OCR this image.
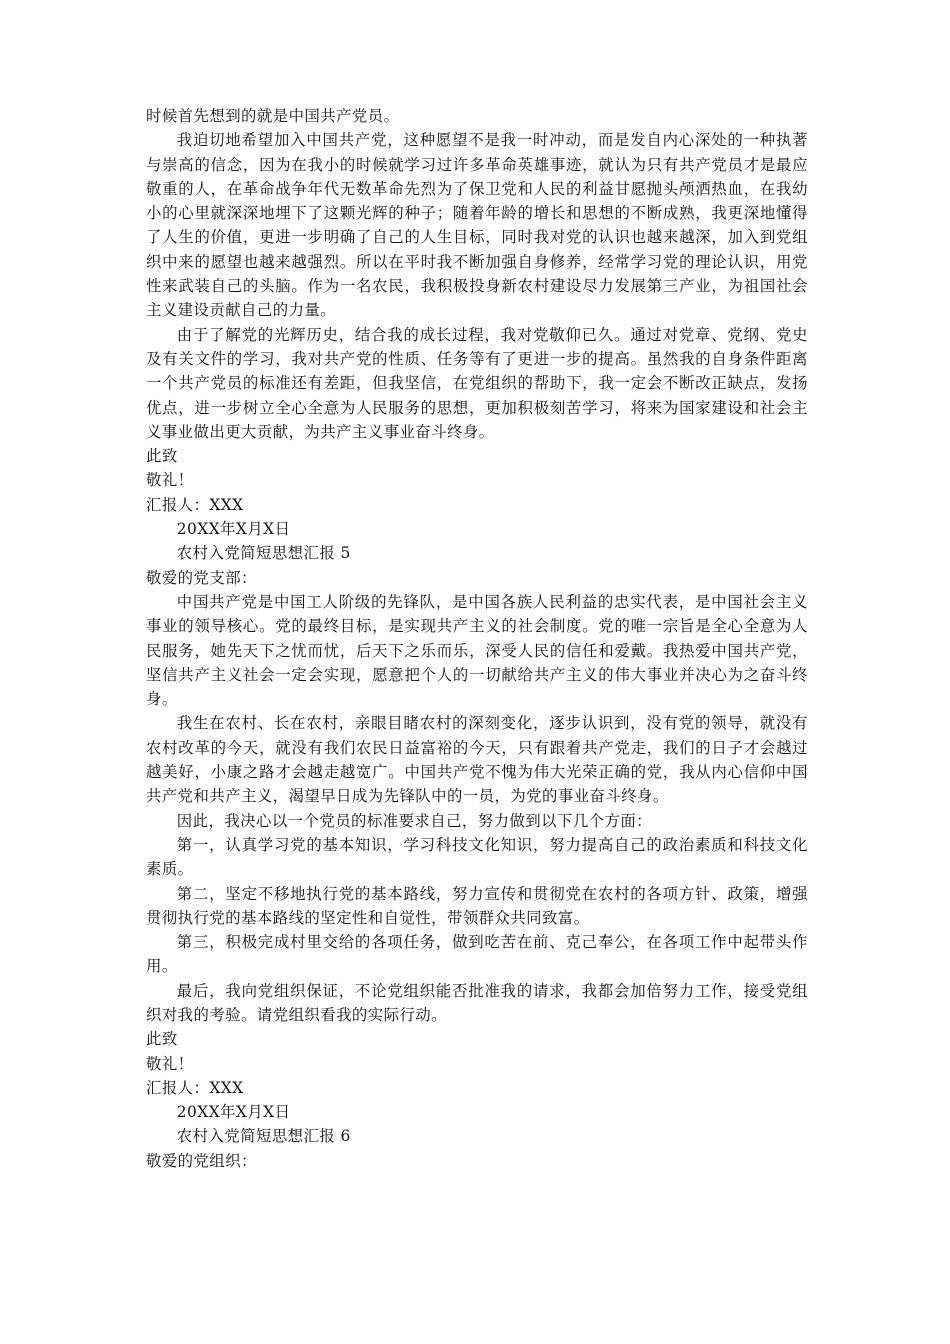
时候首先想到的就是中国共产党员。

我迫切地希望加入中国共产党，这种愿望不是我一时冲动，而是发自内心深处的一种执著与崇高的信念，因为在我小的时候就学习过许多革命英雄事迹，就认为只有共产党员才是最应敬重的人，在革命战争年代无数革命先烈为了保卫党和人民的利益甘愿抛头颅洒热血，在我幼小的心里就深深地埋下了这颗光辉的种子；随着年龄的增长和思想的不断成熟，我更深地懂得了人生的价值，更进一步明确了自己的人生目标，同时我对党的认识也越来越深，加入到党组织中来的愿望也越来越强烈。所以在平时我不断加强自身修养，经常学习党的理论认识，用党性来武装自己的头脑。作为一名农民，我积极投身新农村建设尽力发展第三产业，为祖国社会主义建设贡献自己的力量。

由于了解党的光辉历史，结合我的成长过程，我对党敬仰已久。通过对党章、党纲、党史及有关文件的学习，我对共产党的性质、任务等有了更进一步的提高。虽然我的自身条件距离一个共产党员的标准还有差距，但我坚信，在党组织的帮助下，我一定会不断改正缺点，发扬优点，进一步树立全心全意为人民服务的思想，更加积极刻苦学习，将来为国家建设和社会主义事业做出更大贡献，为共产主义事业奋斗终身。

此致

敬礼！

汇报人：XXX

20XX年X月X日

农村入党简短思想汇报 5

敬爱的党支部：

中国共产党是中国工人阶级的先锋队，是中国各族人民利益的忠实代表，是中国社会主义事业的领导核心。党的最终目标，是实现共产主义的社会制度。党的唯一宗旨是全心全意为人民服务，她先天下之忧而忧，后天下之乐而乐，深受人民的信任和爱戴。我热爱中国共产党，坚信共产主义社会一定会实现，愿意把个人的一切献给共产主义的伟大事业并决心为之奋斗终身。

我生在农村、长在农村，亲眼目睹农村的深刻变化，逐步认识到，没有党的领导，就没有农村改革的今天，就没有我们农民日益富裕的今天，只有跟着共产党走，我们的日子才会越过越美好，小康之路才会越走越宽广。中国共产党不愧为伟大光荣正确的党，我从内心信仰中国共产党和共产主义，渴望早日成为先锋队中的一员，为党的事业奋斗终身。

因此，我决心以一个党员的标准要求自己，努力做到以下几个方面：

第一，认真学习党的基本知识，学习科技文化知识，努力提高自己的政治素质和科技文化素质。

第二，坚定不移地执行党的基本路线，努力宣传和贯彻党在农村的各项方针、政策，增强贯彻执行党的基本路线的坚定性和自觉性，带领群众共同致富。

第三，积极完成村里交给的各项任务，做到吃苦在前、克己奉公，在各项工作中起带头作用。

最后，我向党组织保证，不论党组织能否批准我的请求，我都会加倍努力工作，接受党组织对我的考验。请党组织看我的实际行动。

此致

敬礼！

汇报人：XXX

20XX年X月X日

农村入党简短思想汇报 6

敬爱的党组织：
